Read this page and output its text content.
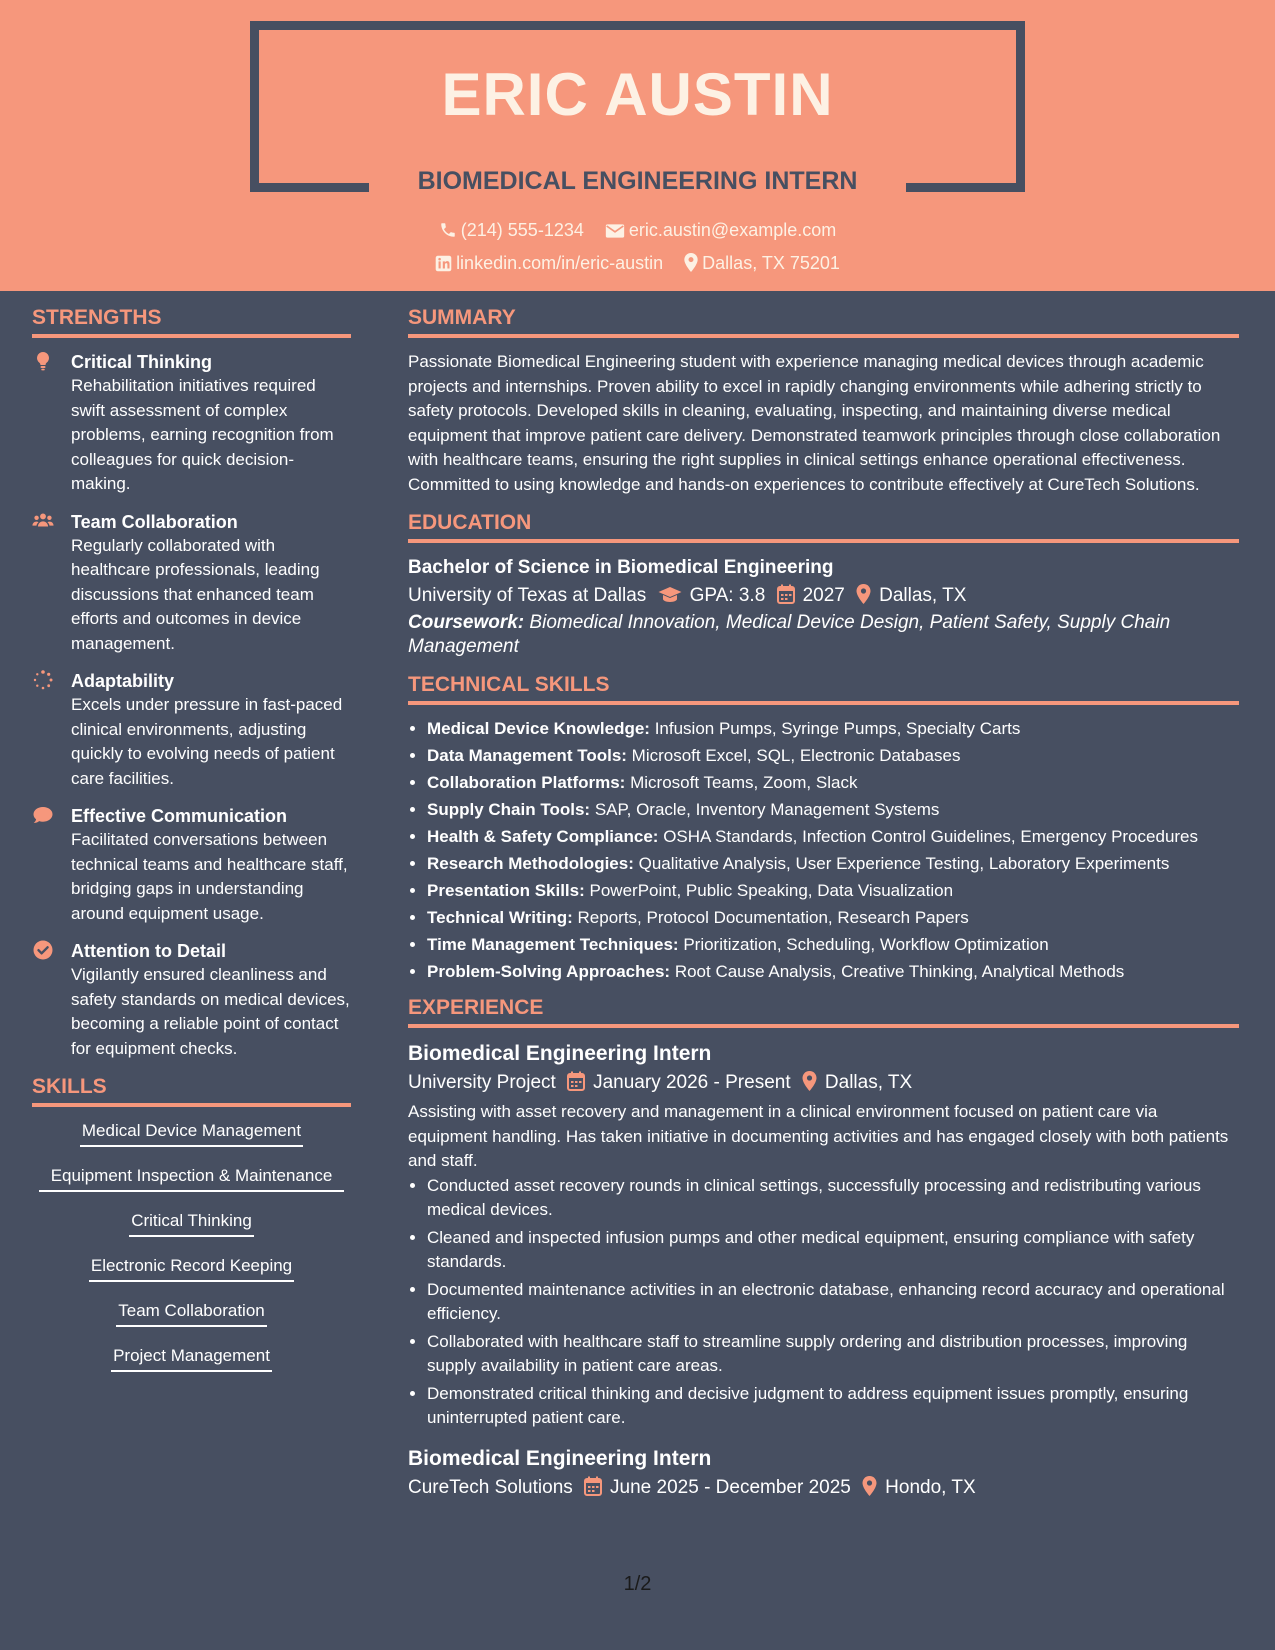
ERIC AUSTIN
BIOMEDICAL ENGINEERING INTERN
(214) 555-1234	eric.austin@example.com
linkedin.com/in/eric-austin Dallas, TX 75201
STRENGTHS
Critical Thinking
Rehabilitation initiatives required swift assessment of complex problems, earning recognition from colleagues for quick decision-making.
Team Collaboration
Regularly collaborated with healthcare professionals, leading discussions that enhanced team efforts and outcomes in device management.
Adaptability
Excels under pressure in fast-paced clinical environments, adjusting quickly to evolving needs of patient care facilities.
Effective Communication
Facilitated conversations between technical teams and healthcare staff, bridging gaps in understanding around equipment usage.
Attention to Detail
Vigilantly ensured cleanliness and safety standards on medical devices, becoming a reliable point of contact for equipment checks.
SKILLS
Medical Device Management
Equipment Inspection & Maintenance
Critical Thinking
Electronic Record Keeping
Team Collaboration
Project Management
SUMMARY
Passionate Biomedical Engineering student with experience managing medical devices through academic projects and internships. Proven ability to excel in rapidly changing environments while adhering strictly to safety protocols. Developed skills in cleaning, evaluating, inspecting, and maintaining diverse medical equipment that improve patient care delivery. Demonstrated teamwork principles through close collaboration with healthcare teams, ensuring the right supplies in clinical settings enhance operational effectiveness. Committed to using knowledge and hands-on experiences to contribute effectively at CureTech Solutions.
EDUCATION
Bachelor of Science in Biomedical Engineering
University of Texas at Dallas GPA: 3.8 2027 Dallas, TX
Coursework: Biomedical Innovation, Medical Device Design, Patient Safety, Supply Chain Management
TECHNICAL SKILLS
• Medical Device Knowledge: Infusion Pumps, Syringe Pumps, Specialty Carts
• Data Management Tools: Microsoft Excel, SQL, Electronic Databases
• Collaboration Platforms: Microsoft Teams, Zoom, Slack
• Supply Chain Tools: SAP, Oracle, Inventory Management Systems
• Health & Safety Compliance: OSHA Standards, Infection Control Guidelines, Emergency Procedures
• Research Methodologies: Qualitative Analysis, User Experience Testing, Laboratory Experiments
• Presentation Skills: PowerPoint, Public Speaking, Data Visualization
• Technical Writing: Reports, Protocol Documentation, Research Papers
• Time Management Techniques: Prioritization, Scheduling, Workflow Optimization
• Problem-Solving Approaches: Root Cause Analysis, Creative Thinking, Analytical Methods
EXPERIENCE
Biomedical Engineering Intern
University Project January 2026 - Present Dallas, TX
Assisting with asset recovery and management in a clinical environment focused on patient care via equipment handling. Has taken initiative in documenting activities and has engaged closely with both patients and staff.
• Conducted asset recovery rounds in clinical settings, successfully processing and redistributing various medical devices.
• Cleaned and inspected infusion pumps and other medical equipment, ensuring compliance with safety standards.
• Documented maintenance activities in an electronic database, enhancing record accuracy and operational efficiency.
• Collaborated with healthcare staff to streamline supply ordering and distribution processes, improving supply availability in patient care areas.
• Demonstrated critical thinking and decisive judgment to address equipment issues promptly, ensuring uninterrupted patient care.
Biomedical Engineering Intern
CureTech Solutions June 2025 - December 2025 Hondo, TX
1/2
